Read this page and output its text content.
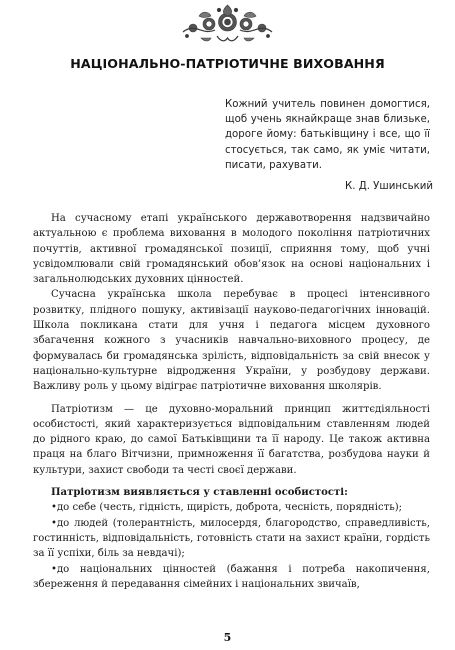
НАЦІОНАЛЬНО-ПАТРІОТИЧНЕ ВИХОВАННЯ
Кожний учитель повинен домогтися, щоб учень якнайкраще знав близьке, дороге йому: батьківщину і все, що її стосується, так само, як уміє читати, писати, рахувати.
К. Д. Ушинський

На сучасному етапі українського державотворення надзвичайно актуальною є проблема виховання в молодого покоління патріотичних почуттів, активної громадянської позиції, сприяння тому, щоб учні усвідомлювали свій громадянський обов’язок на основі національних і загальнолюдських духовних цінностей.

Сучасна українська школа перебуває в процесі інтенсивного розвитку, плідного пошуку, активізації науково-педагогічних інновацій. Школа покликана стати для учня і педагога місцем духовного збагачення кожного з учасників навчально-виховного процесу, де формувалась би громадянська зрілість, відповідальність за свій внесок у національно-культурне відродження України, у розбудову держави. Важливу роль у цьому відіграє патріотичне виховання школярів.

Патріотизм — це духовно-моральний принцип життєдіяльності особистості, який характеризується відповідальним ставленням людей до рідного краю, до самої Батьківщини та її народу. Це також активна праця на благо Вітчизни, примноження її багатства, розбудова науки й культури, захист свободи та честі своєї держави.

Патріотизм виявляється у ставленні особистості:

•до себе (честь, гідність, щирість, доброта, чесність, порядність);

•до людей (толерантність, милосердя, благородство, справедливість, гостинність, відповідальність, готовність стати на захист країни, гордість за її успіхи, біль за невдачі);

•до національних цінностей (бажання і потреба накопичення, збереження й передавання сімейних і національних звичаїв,

5
